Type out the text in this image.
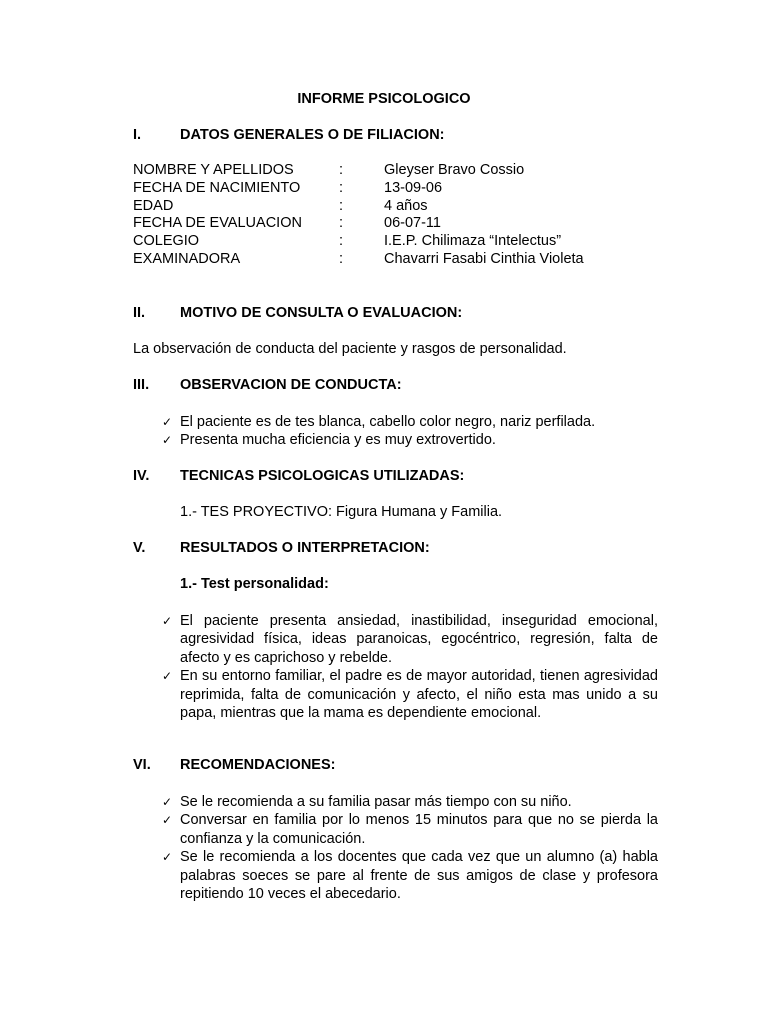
INFORME PSICOLOGICO
I.	DATOS GENERALES O DE FILIACION:
NOMBRE Y APELLIDOS	:	Gleyser Bravo Cossio
FECHA DE NACIMIENTO	:	13-09-06
EDAD	:	4 años
FECHA DE EVALUACION	:	06-07-11
COLEGIO	:	I.E.P. Chilimaza “Intelectus”
EXAMINADORA	:	Chavarri Fasabi Cinthia Violeta
II. MOTIVO DE CONSULTA O EVALUACION:
La observación de conducta del paciente y rasgos de personalidad.
III. OBSERVACION DE CONDUCTA:
✓ El paciente es de tes blanca, cabello color negro, nariz perfilada.
✓ Presenta mucha eficiencia y es muy extrovertido.
IV. TECNICAS PSICOLOGICAS UTILIZADAS:
1.- TES PROYECTIVO: Figura Humana y Familia.
V. RESULTADOS O INTERPRETACION:
1.- Test personalidad:
✓ El paciente presenta ansiedad, inastibilidad, inseguridad emocional, agresividad física, ideas paranoicas, egocéntrico, regresión, falta de afecto y es caprichoso y rebelde.
✓ En su entorno familiar, el padre es de mayor autoridad, tienen agresividad reprimida, falta de comunicación y afecto, el niño esta mas unido a su papa, mientras que la mama es dependiente emocional.
VI. RECOMENDACIONES:
✓ Se le recomienda a su familia pasar más tiempo con su niño.
✓ Conversar en familia por lo menos 15 minutos para que no se pierda la confianza y la comunicación.
✓ Se le recomienda a los docentes que cada vez que un alumno (a) habla palabras soeces se pare al frente de sus amigos de clase y profesora repitiendo 10 veces el abecedario.
